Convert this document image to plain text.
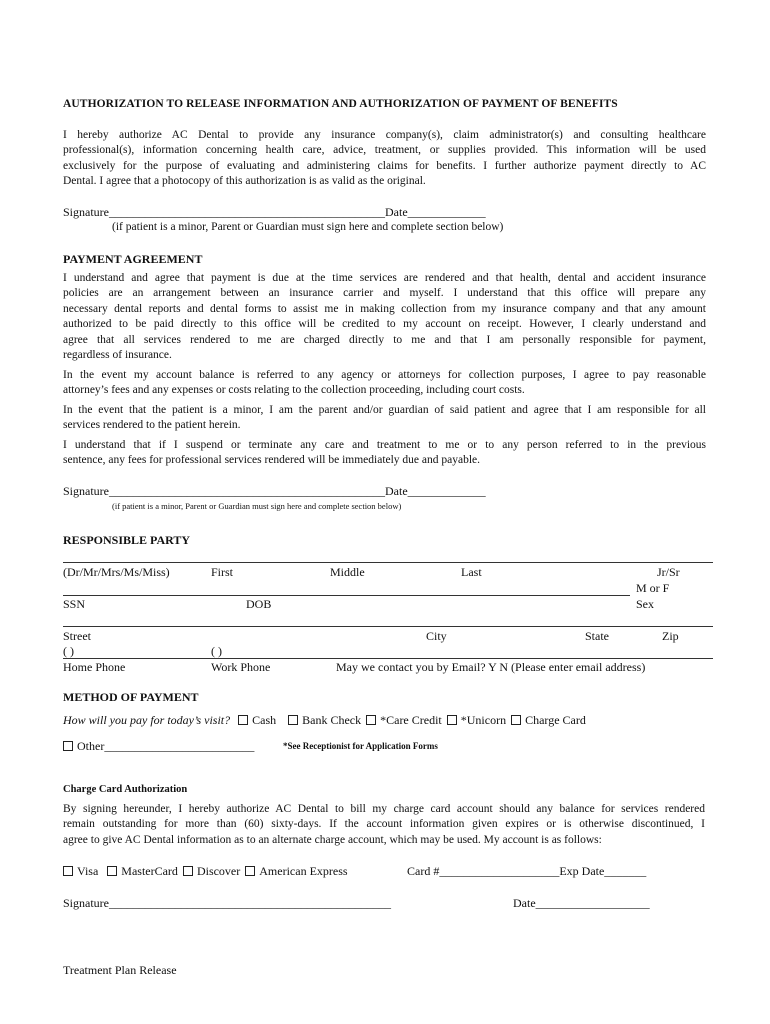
AUTHORIZATION TO RELEASE INFORMATION AND AUTHORIZATION OF PAYMENT OF BENEFITS
I hereby authorize AC Dental to provide any insurance company(s), claim administrator(s) and consulting healthcare
professional(s), information concerning health care, advice, treatment, or supplies provided. This information will be used
exclusively for the purpose of evaluating and administering claims for benefits. I further authorize payment directly to AC
Dental. I agree that a photocopy of this authorization is as valid as the original.
Signature______________________________________________Date_____________
(if patient is a minor, Parent or Guardian must sign here and complete section below)
PAYMENT AGREEMENT
I understand and agree that payment is due at the time services are rendered and that health, dental and accident insurance
policies are an arrangement between an insurance carrier and myself. I understand that this office will prepare any
necessary dental reports and dental forms to assist me in making collection from my insurance company and that any amount
authorized to be paid directly to this office will be credited to my account on receipt. However, I clearly understand and
agree that all services rendered to me are charged directly to me and that I am personally responsible for payment,
regardless of insurance.
In the event my account balance is referred to any agency or attorneys for collection purposes, I agree to pay reasonable
attorney’s fees and any expenses or costs relating to the collection proceeding, including court costs.
In the event that the patient is a minor, I am the parent and/or guardian of said patient and agree that I am responsible for all
services rendered to the patient herein.
I understand that if I suspend or terminate any care and treatment to me or to any person referred to in the previous
sentence, any fees for professional services rendered will be immediately due and payable.
Signature______________________________________________Date_____________
(if patient is a minor, Parent or Guardian must sign here and complete section below)
RESPONSIBLE PARTY
(Dr/Mr/Mrs/Ms/Miss)	First	Middle	Last	Jr/Sr
M or F
SSN	DOB	Sex
Street	City	State	Zip
( )	( )
Home Phone	Work Phone	May we contact you by Email? Y N (Please enter email address)
METHOD OF PAYMENT
How will you pay for today’s visit? Cash Bank Check *Care Credit *Unicorn Charge Card
Other_________________________	*See Receptionist for Application Forms
Charge Card Authorization
By signing hereunder, I hereby authorize AC Dental to bill my charge card account should any balance for services rendered
remain outstanding for more than (60) sixty-days. If the account information given expires or is otherwise discontinued, I
agree to give AC Dental information as to an alternate charge account, which may be used. My account is as follows:
Visa MasterCard Discover American Express	Card #____________________Exp Date_______
Signature_______________________________________________	Date___________________
Treatment Plan Release
